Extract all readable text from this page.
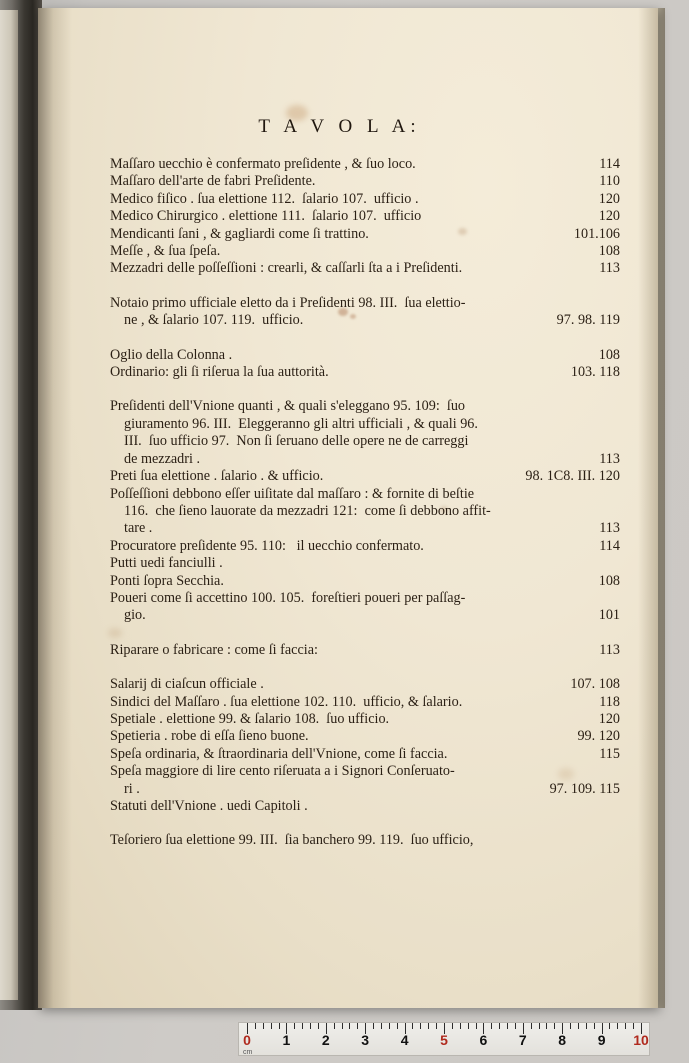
T A V O L A:
Maſſaro uecchio è confermato preſidente , & ſuo loco.	114
Maſſaro dell'arte de fabri Preſidente.	110
Medico fiſico . ſua elettione 112.  ſalario 107.  ufficio .	120
Medico Chirurgico . elettione 111.  ſalario 107.  ufficio	120
Mendicanti ſani , & gagliardi come ſi trattino.	101.106
Meſſe , & ſua ſpeſa.	108
Mezzadri delle poſſeſſioni : crearli, & caſſarli ſta a i Preſidenti.	113
Notaio primo ufficiale eletto da i Preſidenti 98. III.  ſua elettio-
ne , & ſalario 107. 119.  ufficio.	97. 98. 119
Oglio della Colonna .	108
Ordinario: gli ſi riſerua la ſua auttorità.	103. 118
Preſidenti dell'Vnione quanti , & quali s'eleggano 95. 109:  ſuo
giuramento 96. III.  Eleggeranno gli altri ufficiali , & quali 96.
III.  ſuo ufficio 97.  Non ſi ſeruano delle opere ne de carreggi
de mezzadri .	113
Preti ſua elettione . ſalario . & ufficio.	98. 1C8. III. 120
Poſſeſſioni debbono eſſer uiſitate dal maſſaro : & fornite di beſtie
116.  che ſieno lauorate da mezzadri 121:  come ſi debbono affit-
tare .	113
Procuratore preſidente 95. 110:   il uecchio confermato.	114
Putti uedi fanciulli .
Ponti ſopra Secchia.	108
Poueri come ſi accettino 100. 105.  foreſtieri poueri per paſſag-
gio.	101
Riparare o fabricare : come ſi faccia:	113
Salarij di ciaſcun officiale .	107. 108
Sindici del Maſſaro . ſua elettione 102. 110.  ufficio, & ſalario.	118
Spetiale . elettione 99. & ſalario 108.  ſuo ufficio.	120
Spetieria . robe di eſſa ſieno buone.	99. 120
Speſa ordinaria, & ſtraordinaria dell'Vnione, come ſi faccia.	115
Speſa maggiore di lire cento riſeruata a i Signori Conſeruato-
ri .	97. 109. 115
Statuti dell'Vnione . uedi Capitoli .
Teſoriero ſua elettione 99. III.  ſia banchero 99. 119.  ſuo ufficio,
0 1 2 3 4 5 6 7 8 9 10
cm
